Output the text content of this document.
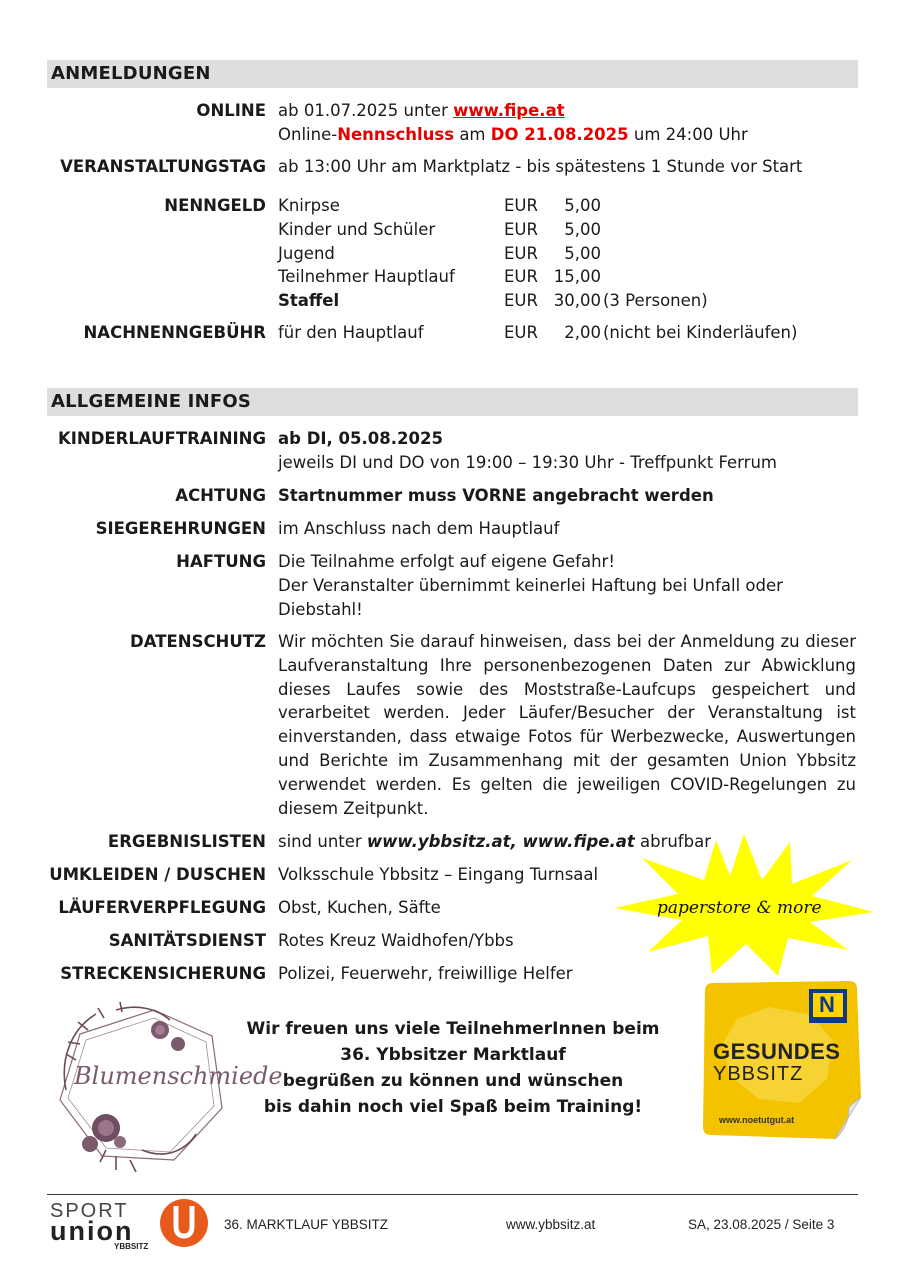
ANMELDUNGEN
ONLINE ab 01.07.2025 unter www.fipe.at
Online-Nennschluss am DO 21.08.2025 um 24:00 Uhr
VERANSTALTUNGSTAG ab 13:00 Uhr am Marktplatz - bis spätestens 1 Stunde vor Start
NENNGELD Knirpse	EUR	5,00
Kinder und Schüler	EUR	5,00
Jugend	EUR	5,00
Teilnehmer Hauptlauf	EUR 15,00
Staffel	EUR 30,00 (3 Personen)
NACHNENNGEBÜHR für den Hauptlauf	EUR	2,00 (nicht bei Kinderläufen)
ALLGEMEINE INFOS
KINDERLAUFTRAINING ab DI, 05.08.2025
jeweils DI und DO von 19:00 – 19:30 Uhr - Treffpunkt Ferrum
ACHTUNG Startnummer muss VORNE angebracht werden
SIEGEREHRUNGEN im Anschluss nach dem Hauptlauf
HAFTUNG Die Teilnahme erfolgt auf eigene Gefahr!
Der Veranstalter übernimmt keinerlei Haftung bei Unfall oder Diebstahl!
DATENSCHUTZ Wir möchten Sie darauf hinweisen, dass bei der Anmeldung zu dieser Laufveranstaltung Ihre personenbezogenen Daten zur Abwicklung dieses Laufes sowie des Moststraße-Laufcups gespeichert und verarbeitet werden. Jeder Läufer/Besucher der Veranstaltung ist einverstanden, dass etwaige Fotos für Werbezwecke, Auswertungen und Berichte im Zusammenhang mit der gesamten Union Ybbsitz verwendet werden. Es gelten die jeweiligen COVID-Regelungen zu diesem Zeitpunkt.
ERGEBNISLISTEN sind unter www.ybbsitz.at, www.fipe.at abrufbar
UMKLEIDEN / DUSCHEN Volksschule Ybbsitz – Eingang Turnsaal
LÄUFERVERPFLEGUNG Obst, Kuchen, Säfte
SANITÄTSDIENST Rotes Kreuz Waidhofen/Ybbs
STRECKENSICHERUNG Polizei, Feuerwehr, freiwillige Helfer
paperstore & more
Blumenschmiede
Wir freuen uns viele TeilnehmerInnen beim
36. Ybbsitzer Marktlauf
begrüßen zu können und wünschen
bis dahin noch viel Spaß beim Training!
N
GESUNDES
YBBSITZ
www.noetutgut.at
SPORT
union
YBBSITZ
36. MARKTLAUF YBBSITZ	www.ybbsitz.at	SA, 23.08.2025 / Seite 3
